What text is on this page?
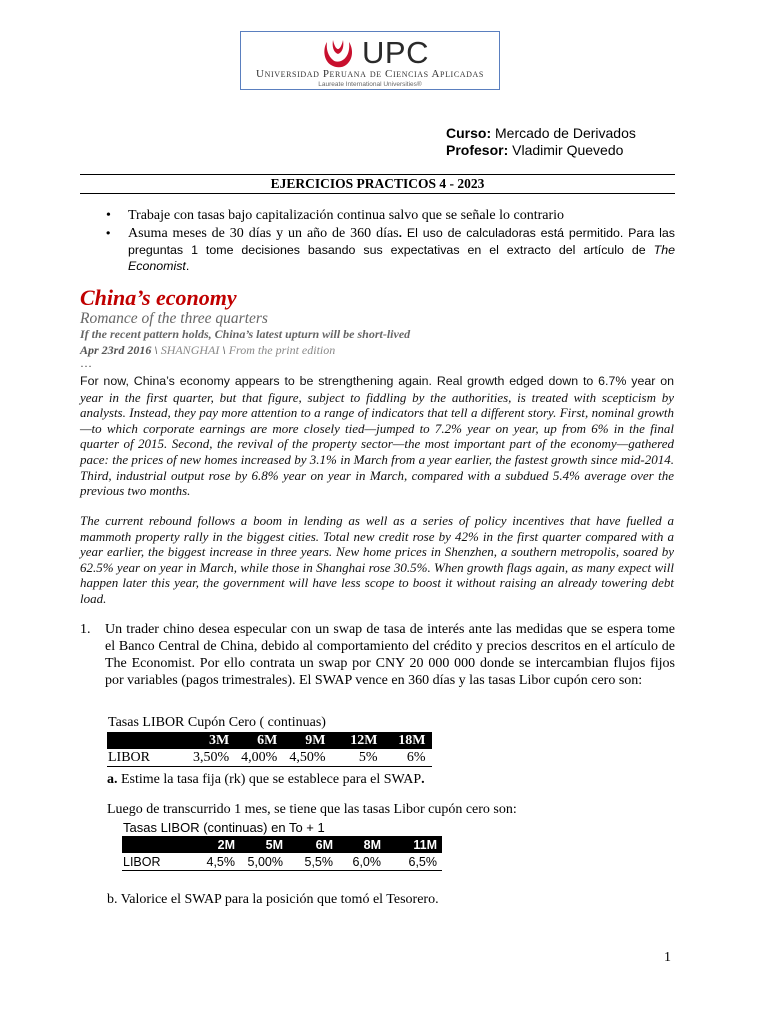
UPC
Universidad Peruana de Ciencias Aplicadas
Laureate International Universities®
Curso: Mercado de Derivados
Profesor: Vladimir Quevedo
EJERCICIOS PRACTICOS 4 - 2023
• Trabaje con tasas bajo capitalización continua salvo que se señale lo contrario
• Asuma meses de 30 días y un año de 360 días. El uso de calculadoras está permitido. Para las preguntas 1 tome decisiones basando sus expectativas en el extracto del artículo de The Economist.
China’s economy
Romance of the three quarters
If the recent pattern holds, China’s latest upturn will be short-lived
Apr 23rd 2016 \ SHANGHAI \ From the print edition
…
For now, China’s economy appears to be strengthening again. Real growth edged down to 6.7% year on year in the first quarter, but that figure, subject to fiddling by the authorities, is treated with scepticism by analysts. Instead, they pay more attention to a range of indicators that tell a different story. First, nominal growth—to which corporate earnings are more closely tied—jumped to 7.2% year on year, up from 6% in the final quarter of 2015. Second, the revival of the property sector—the most important part of the economy—gathered pace: the prices of new homes increased by 3.1% in March from a year earlier, the fastest growth since mid-2014. Third, industrial output rose by 6.8% year on year in March, compared with a subdued 5.4% average over the previous two months.
The current rebound follows a boom in lending as well as a series of policy incentives that have fuelled a mammoth property rally in the biggest cities. Total new credit rose by 42% in the first quarter compared with a year earlier, the biggest increase in three years. New home prices in Shenzhen, a southern metropolis, soared by 62.5% year on year in March, while those in Shanghai rose 30.5%. When growth flags again, as many expect will happen later this year, the government will have less scope to boost it without raising an already towering debt load.
1. Un trader chino desea especular con un swap de tasa de interés ante las medidas que se espera tome el Banco Central de China, debido al comportamiento del crédito y precios descritos en el artículo de The Economist. Por ello contrata un swap por CNY 20 000 000 donde se intercambian flujos fijos por variables (pagos trimestrales). El SWAP vence en 360 días y las tasas Libor cupón cero son:
Tasas LIBOR Cupón Cero ( continuas)
	3M	6M	9M	12M	18M
LIBOR	3,50%	4,00%	4,50%	5%	6%
a. Estime la tasa fija (rk) que se establece para el SWAP.
Luego de transcurrido 1 mes, se tiene que las tasas Libor cupón cero son:
Tasas LIBOR (continuas) en To + 1
	2M	5M	6M	8M	11M
LIBOR	4,5%	5,00%	5,5%	6,0%	6,5%
b. Valorice el SWAP para la posición que tomó el Tesorero.
1
